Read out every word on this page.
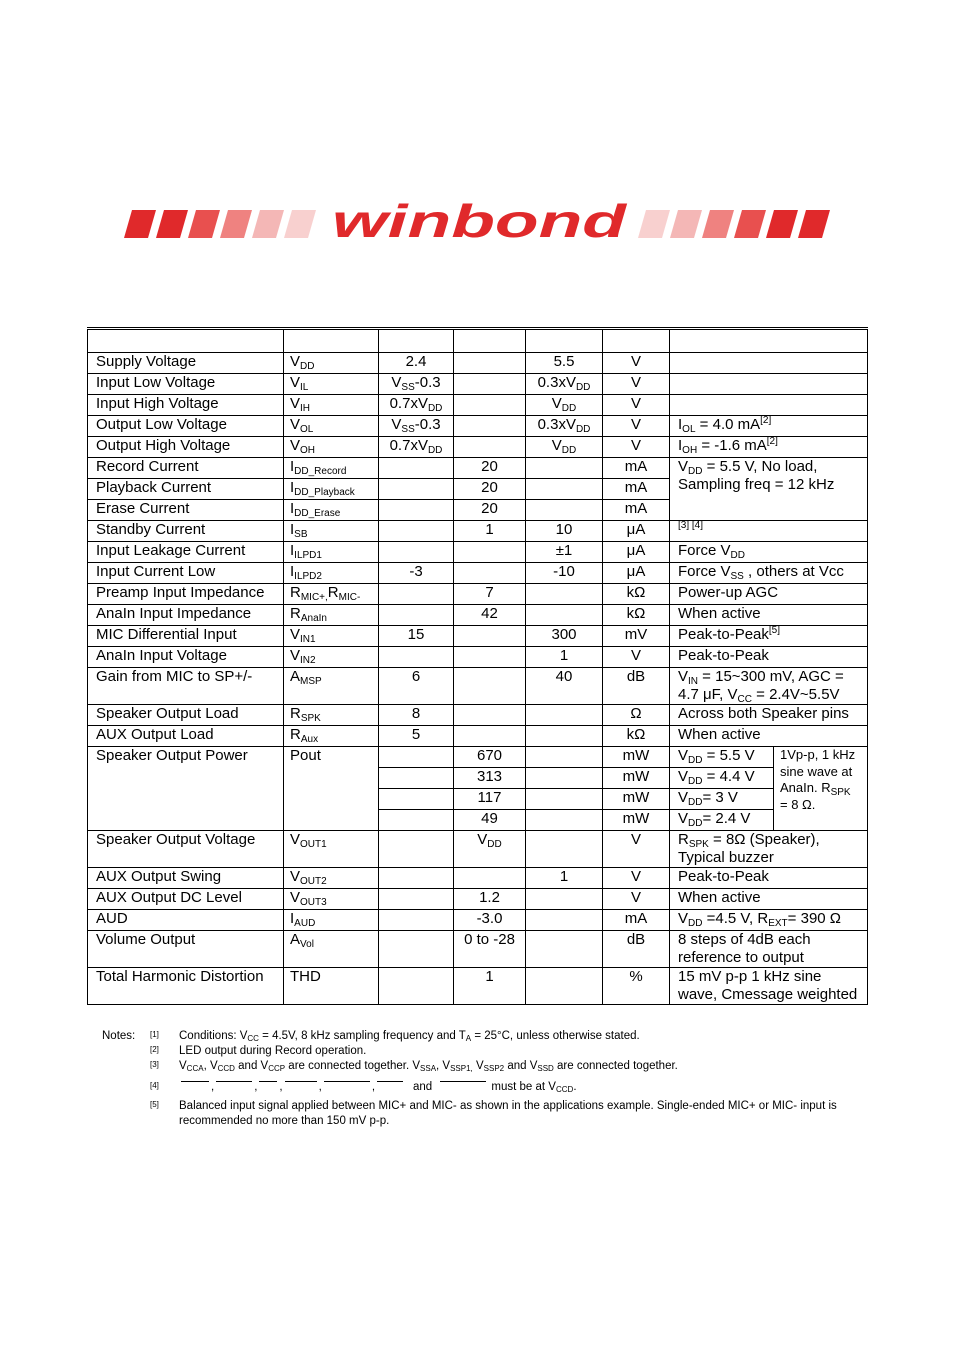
winbond

Supply Voltage	$V_{DD}$	2.4		5.5	V		
Input Low Voltage	$V_{IL}$	$V_{SS}-0.3$		$0.3xV_{DD}$	V		
Input High Voltage	$V_{IH}$	$0.7xV_{DD}$		$V_{DD}$	V		
Output Low Voltage	$V_{OL}$	$V_{SS}-0.3$		$0.3xV_{DD}$	V	$I_{OL} = 4.0$ mA[2]
Output High Voltage	$V_{OH}$	$0.7xV_{DD}$		$V_{DD}$	V	$I_{OH} = -1.6$ mA[2]
Record Current	$I_{DD\_Record}$		20		mA	$V_{DD} = 5.5$ V, No load, Sampling freq = 12 kHz	
Playback Current	$I_{DD\_Playback}$		20		mA		
Erase Current	$I_{DD\_Erase}$		20		mA		
Standby Current	$I_{SB}$		1	10	μA	[3] [4]
Input Leakage Current	$I_{ILPD1}$			±1	μA	Force $V_{DD}$
Input Current Low	$I_{ILPD2}$	-3		-10	μA	Force $V_{SS}$ , others at Vcc	
Preamp Input Impedance	$R_{MIC+,}R_{MIC-}$		7		kΩ	Power-up AGC	
AnaIn Input Impedance	$R_{AnaIn}$		42		kΩ	When active	
MIC Differential Input	$V_{IN1}$	15		300	mV	Peak-to-Peak[5]
AnaIn Input Voltage	$V_{IN2}$			1	V	Peak-to-Peak	
Gain from MIC to SP+/-	$A_{MSP}$	6		40	dB	$V_{IN}$ = 15~300 mV, AGC = 4.7 μF, $V_{CC}$ = 2.4V~5.5V	
Speaker Output Load	$R_{SPK}$	8			Ω	Across both Speaker pins	
AUX Output Load	$R_{Aux}$	5			kΩ	When active	
Speaker Output Power	Pout		670		mW	$V_{DD} = 5.5$ V	1Vp-p, 1 kHz sine wave at AnaIn. $R_{SPK} = 8$ Ω.
			313		mW	$V_{DD} = 4.4$ V	
			117		mW	$V_{DD}= 3$ V	
			49		mW	$V_{DD}= 2.4$ V	
Speaker Output Voltage	$V_{OUT1}$		$V_{DD}$		V	$R_{SPK} = 8\Omega$ (Speaker), Typical buzzer	
AUX Output Swing	$V_{OUT2}$			1	V	Peak-to-Peak	
AUX Output DC Level	$V_{OUT3}$		1.2		V	When active	
AUD	$I_{AUD}$		-3.0		mA	$V_{DD} =4.5$ V, $R_{EXT}= 390$ Ω	
Volume Output	$A_{Vol}$		0 to -28		dB	8 steps of 4dB each reference to output	
Total Harmonic Distortion	THD		1		%	15 mV p-p 1 kHz sine wave, Cmessage weighted	
Notes:	[1]	Conditions: $V_{CC} = 4.5V$, 8 kHz sampling frequency and $T_A = 25^\circ C$, unless otherwise stated.
[2]	LED output during Record operation.
[3]	$V_{CCA}$, $V_{CCD}$ and $V_{CCP}$ are connected together. $V_{SSA}$, $V_{SSP1,}$ $V_{SSP2}$ and $V_{SSD}$ are connected together.
[4]	,	, ,	,	,	and	must be at $V_{CCD}$.
[5]	Balanced input signal applied between MIC+ and MIC- as shown in the applications example. Single-ended MIC+ or MIC- input is recommended no more than 150 mV p-p.
